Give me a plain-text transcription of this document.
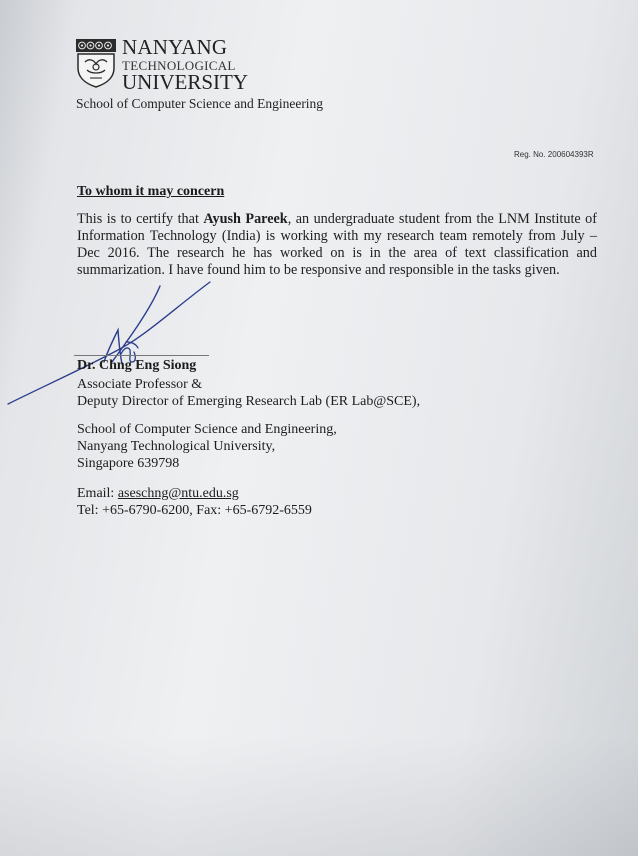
NANYANG
TECHNOLOGICAL
UNIVERSITY
School of Computer Science and Engineering
Reg. No. 200604393R
To whom it may concern
This is to certify that Ayush Pareek, an undergraduate student from the LNM Institute of Information Technology (India) is working with my research team remotely from July – Dec 2016. The research he has worked on is in the area of text classification and summarization. I have found him to be responsive and responsible in the tasks given.
Dr. Chng Eng Siong
Associate Professor &
Deputy Director of Emerging Research Lab (ER Lab@SCE),
School of Computer Science and Engineering,
Nanyang Technological University,
Singapore 639798
Email: aseschng@ntu.edu.sg
Tel: +65-6790-6200, Fax: +65-6792-6559
